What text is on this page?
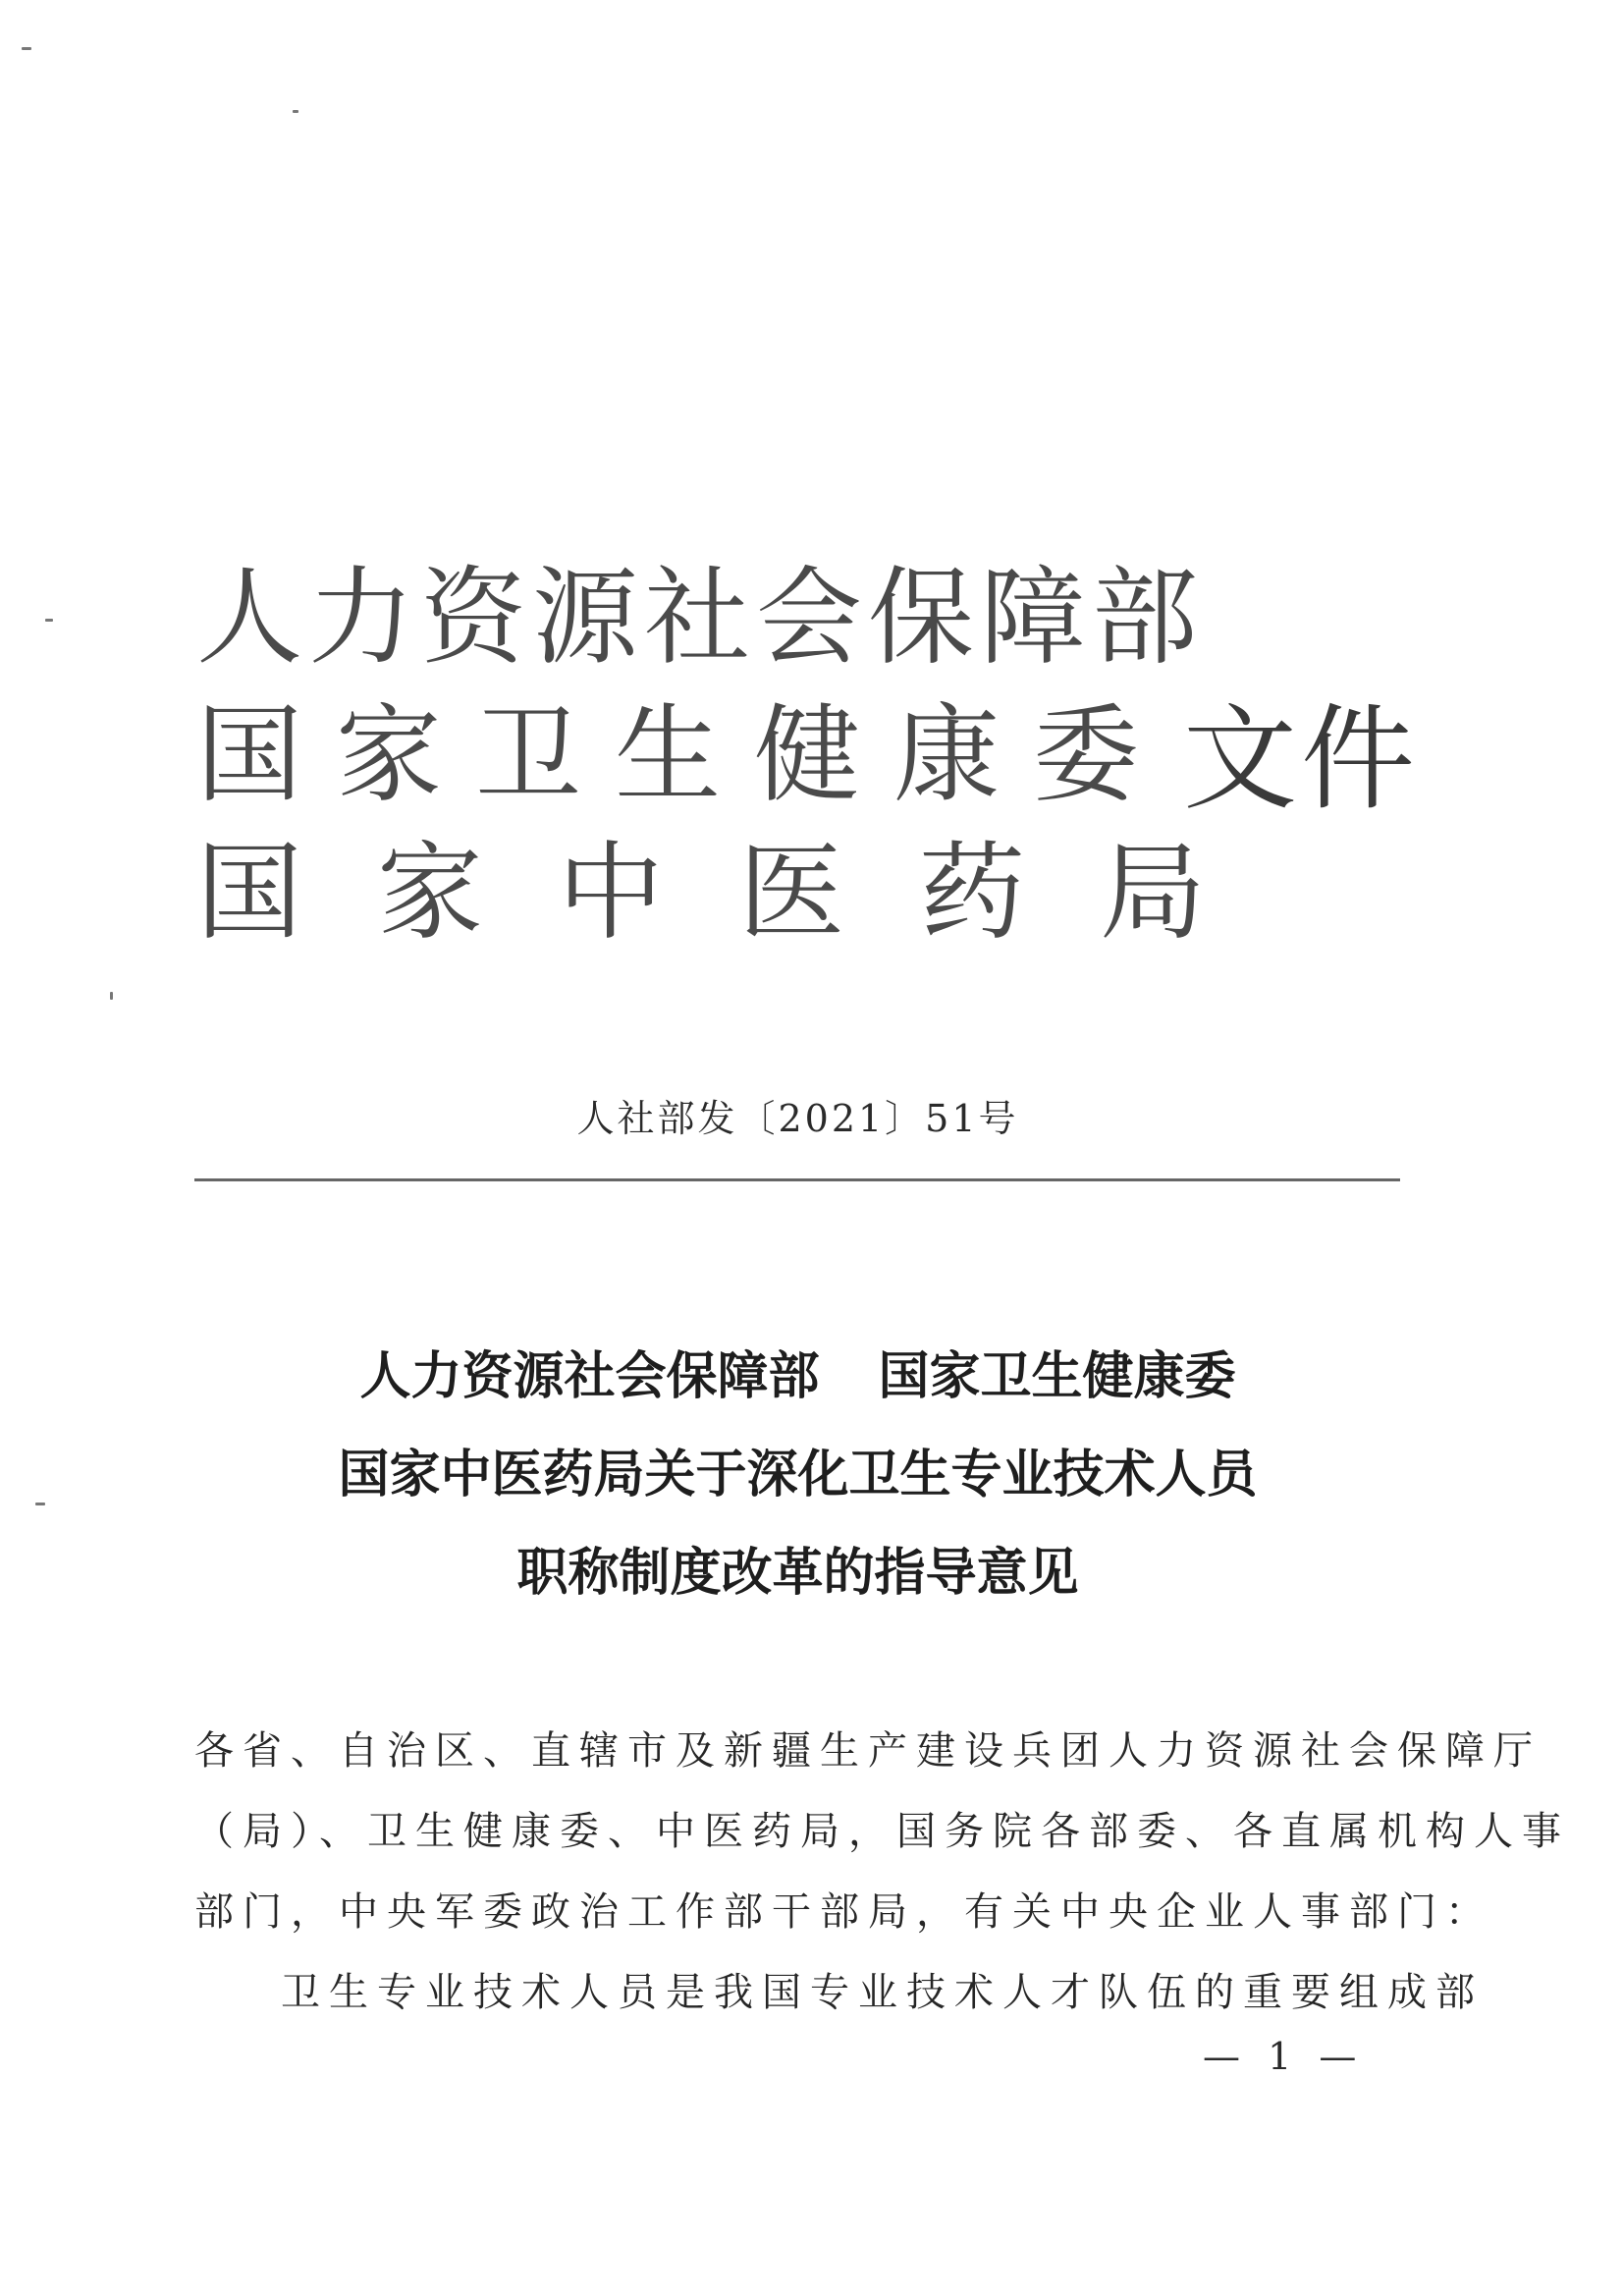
人力资源社会保障部
国家卫生健康委
国家中医药局
文件
人社部发〔2021〕51号
人力资源社会保障部 国家卫生健康委
国家中医药局关于深化卫生专业技术人员
职称制度改革的指导意见
各省、自治区、直辖市及新疆生产建设兵团人力资源社会保障厅
（局）、卫生健康委、中医药局，国务院各部委、各直属机构人事
部门，中央军委政治工作部干部局，有关中央企业人事部门：
卫生专业技术人员是我国专业技术人才队伍的重要组成部
— 1 —
